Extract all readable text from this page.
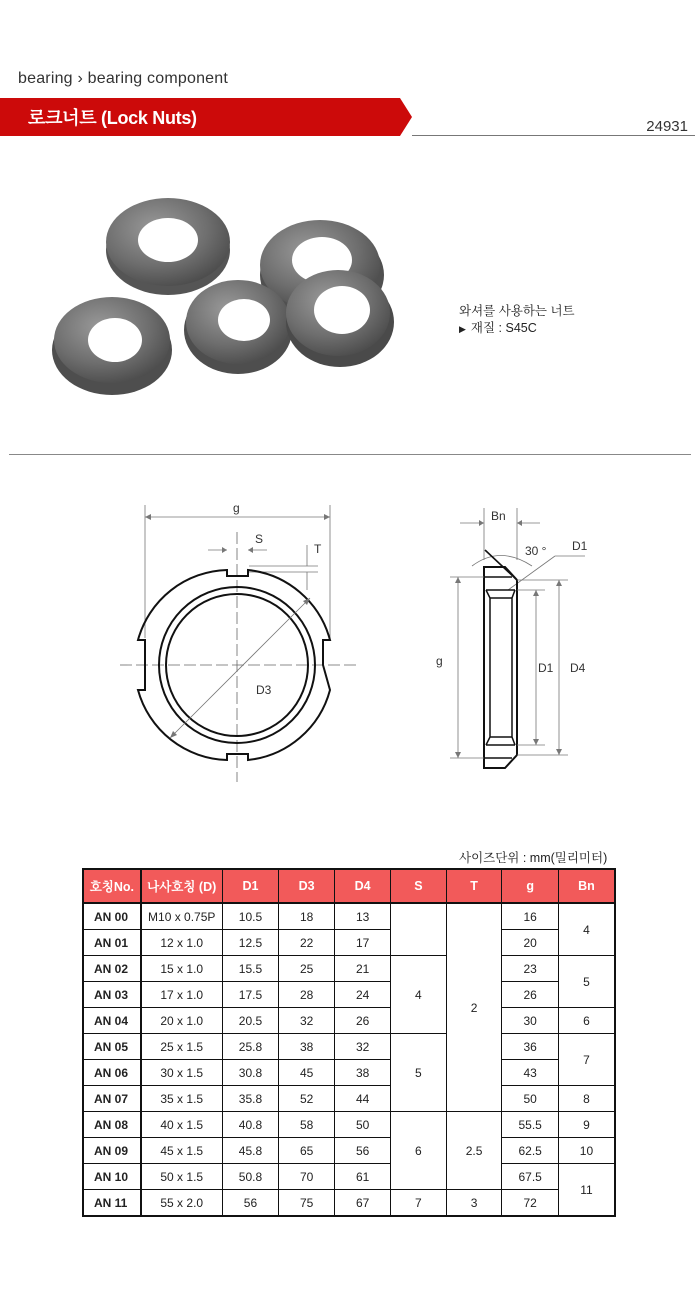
bearing › bearing component
로크너트 (Lock Nuts)	24931
와셔를 사용하는 너트
▶ 재질 : S45C
g
S
T
D3
Bn
30 ° D1
g	D1 D4
사이즈단위 : mm(밀리미터)
호칭No.	나사호칭 (D)	D1	D3	D4	S	T	g	Bn
AN 00	M10 x 0.75P	10.5	18	13		2	16	4
AN 01	12 x 1.0	12.5	22	17			20	
AN 02	15 x 1.0	15.5	25	21	4		23	5
AN 03	17 x 1.0	17.5	28	24			26	
AN 04	20 x 1.0	20.5	32	26			30	6
AN 05	25 x 1.5	25.8	38	32	5		36	7
AN 06	30 x 1.5	30.8	45	38			43	
AN 07	35 x 1.5	35.8	52	44			50	8
AN 08	40 x 1.5	40.8	58	50	6	2.5	55.5	9
AN 09	45 x 1.5	45.8	65	56			62.5	10
AN 10	50 x 1.5	50.8	70	61			67.5	11
AN 11	55 x 2.0	56	75	67	7	3	72	
